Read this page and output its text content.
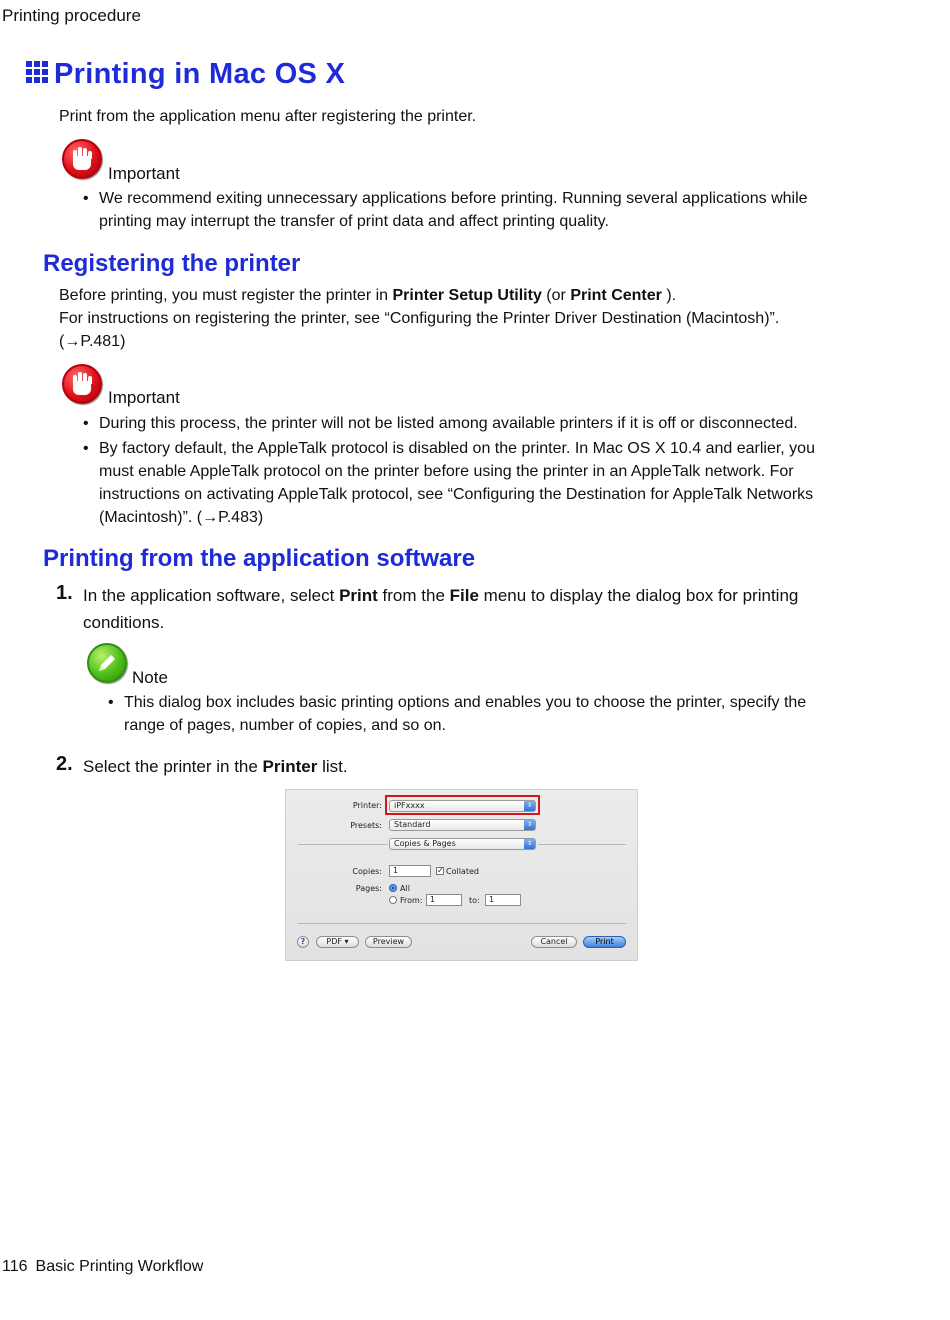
Printing procedure
Printing in Mac OS X
Print from the application menu after registering the printer.
Important
• We recommend exiting unnecessary applications before printing. Running several applications while printing may interrupt the transfer of print data and affect printing quality.
Registering the printer
Before printing, you must register the printer in Printer Setup Utility (or Print Center ).
For instructions on registering the printer, see “Configuring the Printer Driver Destination (Macintosh)”.
(→P.481)
Important
• During this process, the printer will not be listed among available printers if it is off or disconnected.
• By factory default, the AppleTalk protocol is disabled on the printer. In Mac OS X 10.4 and earlier, you must enable AppleTalk protocol on the printer before using the printer in an AppleTalk network. For instructions on activating AppleTalk protocol, see “Configuring the Destination for AppleTalk Networks (Macintosh)”. (→P.483)
Printing from the application software
1. In the application software, select Print from the File menu to display the dialog box for printing conditions.
Note
• This dialog box includes basic printing options and enables you to choose the printer, specify the range of pages, number of copies, and so on.
2. Select the printer in the Printer list.
Printer:	iPFxxxx	⇕
Presets:	Standard	⇕
Copies & Pages	⇕
Copies:	1	✓ Collated
Pages: All
From: 1	to:	1
?	PDF ▾	Preview	Cancel	Print
116 Basic Printing Workflow
